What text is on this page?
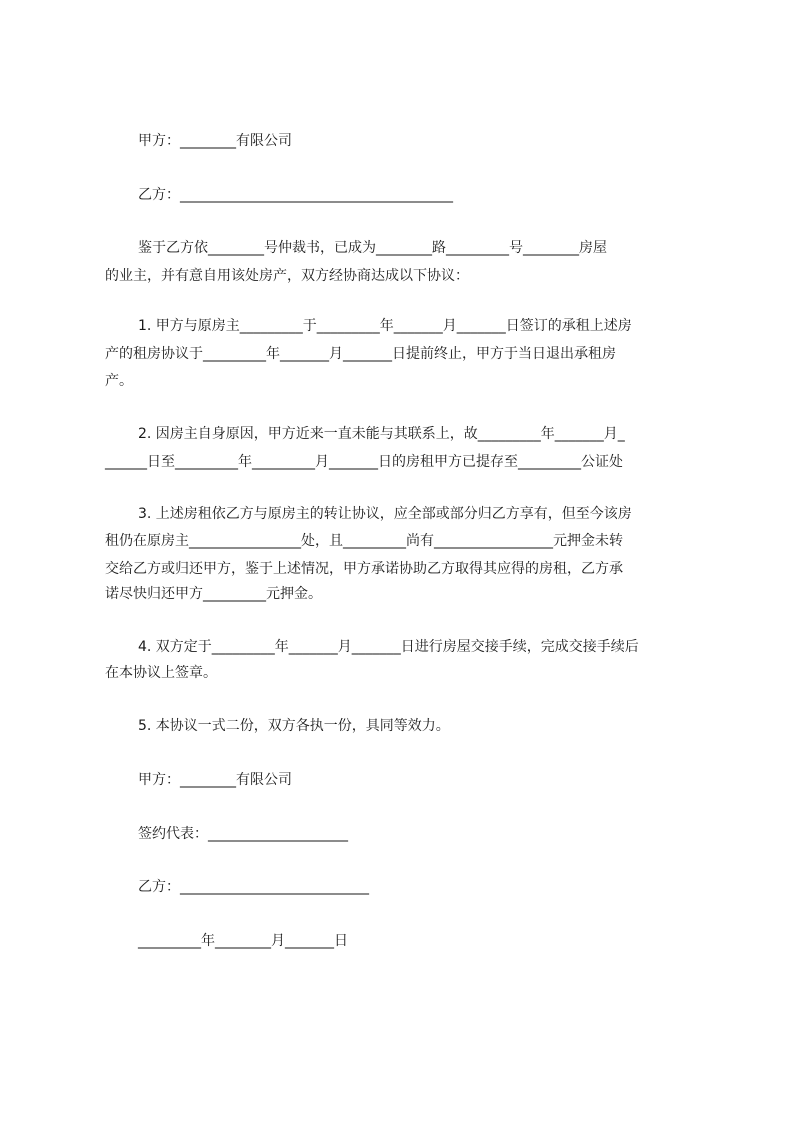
甲方：________有限公司
乙方：_______________________________________
鉴于乙方依________号仲裁书，已成为________路_________号________房屋
的业主，并有意自用该处房产，双方经协商达成以下协议：
1. 甲方与原房主_________于_________年_______月_______日签订的承租上述房
产的租房协议于_________年_______月_______日提前终止，甲方于当日退出承租房
产。
2. 因房主自身原因，甲方近来一直未能与其联系上，故_________年_______月_
______日至_________年_________月_______日的房租甲方已提存至_________公证处
3. 上述房租依乙方与原房主的转让协议，应全部或部分归乙方享有，但至今该房
租仍在原房主________________处，且_________尚有_________________元押金未转
交给乙方或归还甲方，鉴于上述情况，甲方承诺协助乙方取得其应得的房租，乙方承
诺尽快归还甲方_________元押金。
4. 双方定于_________年_______月_______日进行房屋交接手续，完成交接手续后
在本协议上签章。
5. 本协议一式二份，双方各执一份，具同等效力。
甲方：________有限公司
签约代表：____________________
乙方：___________________________
_________年________月_______日
